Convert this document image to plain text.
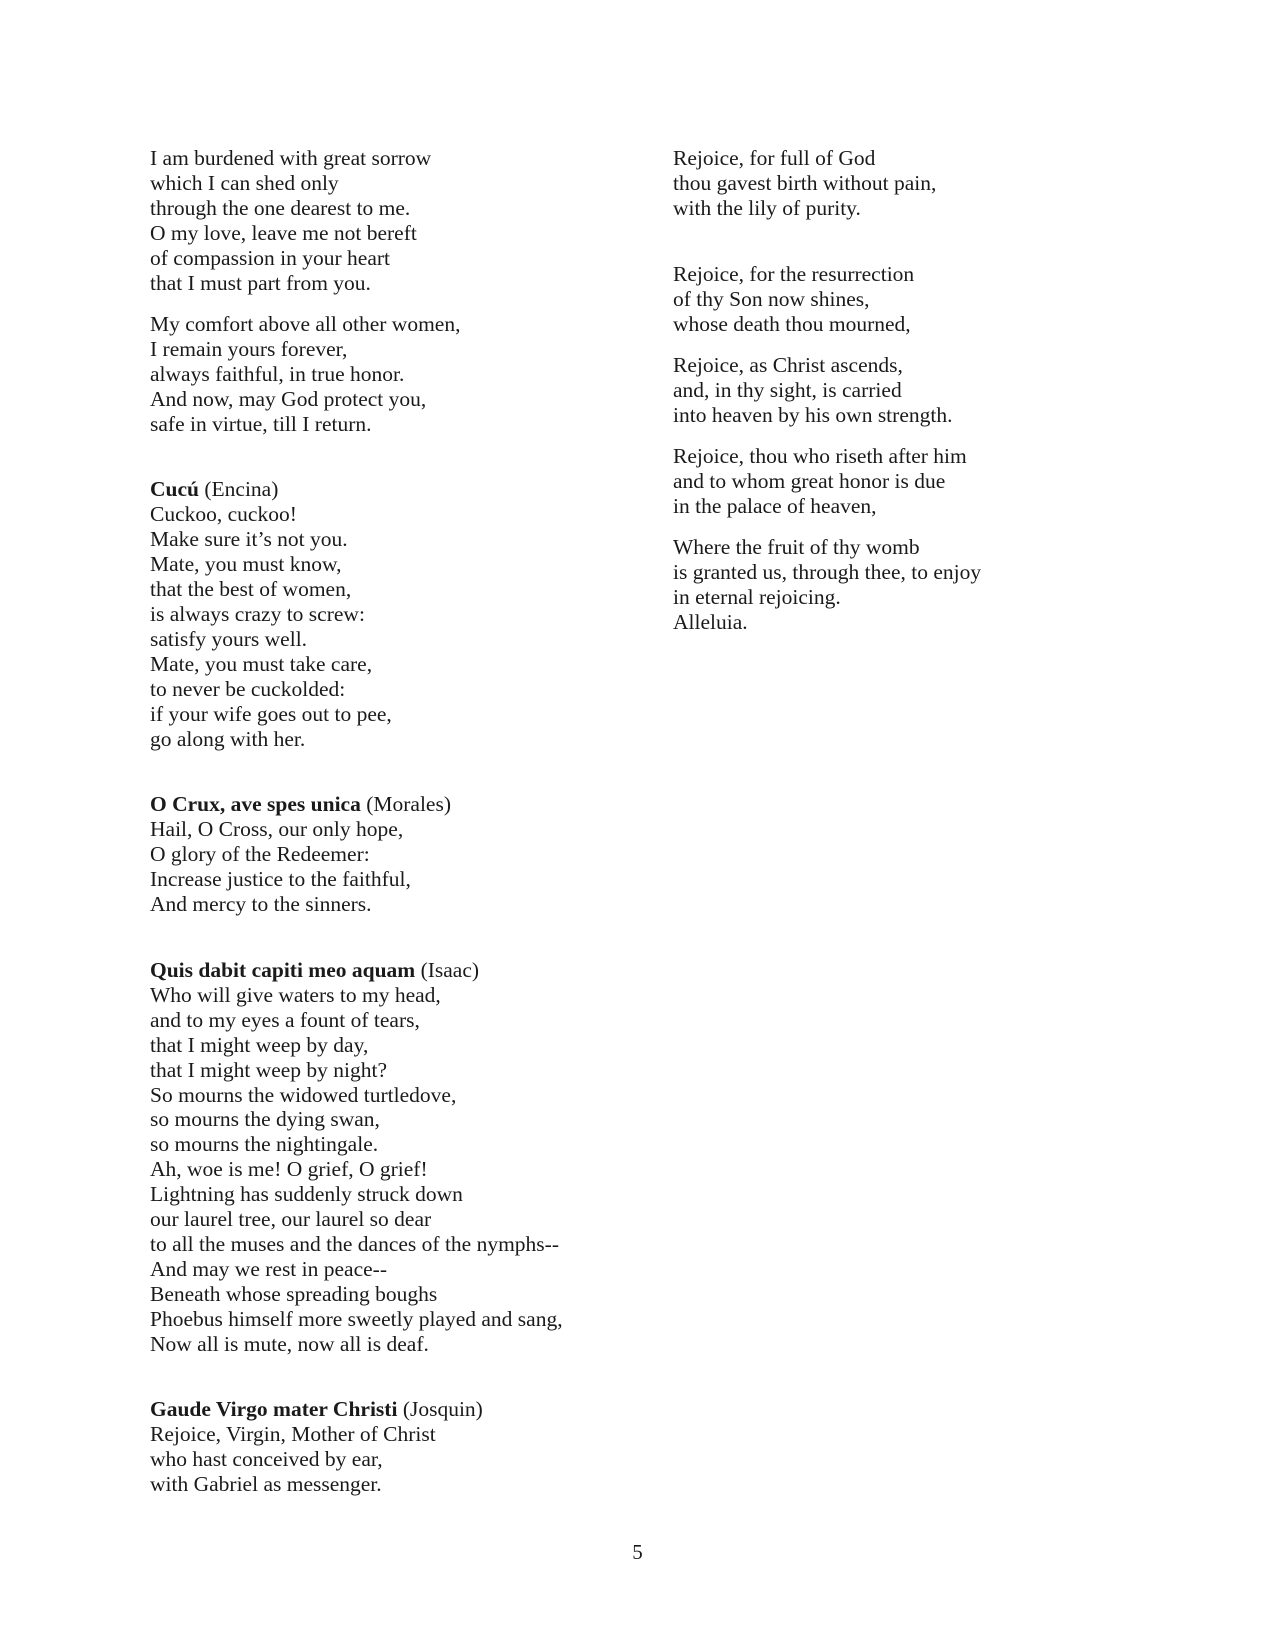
I am burdened with great sorrow
which I can shed only
through the one dearest to me.
O my love, leave me not bereft
of compassion in your heart
that I must part from you.
My comfort above all other women,
I remain yours forever,
always faithful, in true honor.
And now, may God protect you,
safe in virtue, till I return.
Cucú (Encina)
Cuckoo, cuckoo!
Make sure it’s not you.
Mate, you must know,
that the best of women,
is always crazy to screw:
satisfy yours well.
Mate, you must take care,
to never be cuckolded:
if your wife goes out to pee,
go along with her.
O Crux, ave spes unica (Morales)
Hail, O Cross, our only hope,
O glory of the Redeemer:
Increase justice to the faithful,
And mercy to the sinners.
Quis dabit capiti meo aquam (Isaac)
Who will give waters to my head,
and to my eyes a fount of tears,
that I might weep by day,
that I might weep by night?
So mourns the widowed turtledove,
so mourns the dying swan,
so mourns the nightingale.
Ah, woe is me! O grief, O grief!
Lightning has suddenly struck down
our laurel tree, our laurel so dear
to all the muses and the dances of the nymphs--
And may we rest in peace--
Beneath whose spreading boughs
Phoebus himself more sweetly played and sang,
Now all is mute, now all is deaf.
Gaude Virgo mater Christi (Josquin)
Rejoice, Virgin, Mother of Christ
who hast conceived by ear,
with Gabriel as messenger.
Rejoice, for full of God
thou gavest birth without pain,
with the lily of purity.
Rejoice, for the resurrection
of thy Son now shines,
whose death thou mourned,
Rejoice, as Christ ascends,
and, in thy sight, is carried
into heaven by his own strength.
Rejoice, thou who riseth after him
and to whom great honor is due
in the palace of heaven,
Where the fruit of thy womb
is granted us, through thee, to enjoy
in eternal rejoicing.
Alleluia.
5
